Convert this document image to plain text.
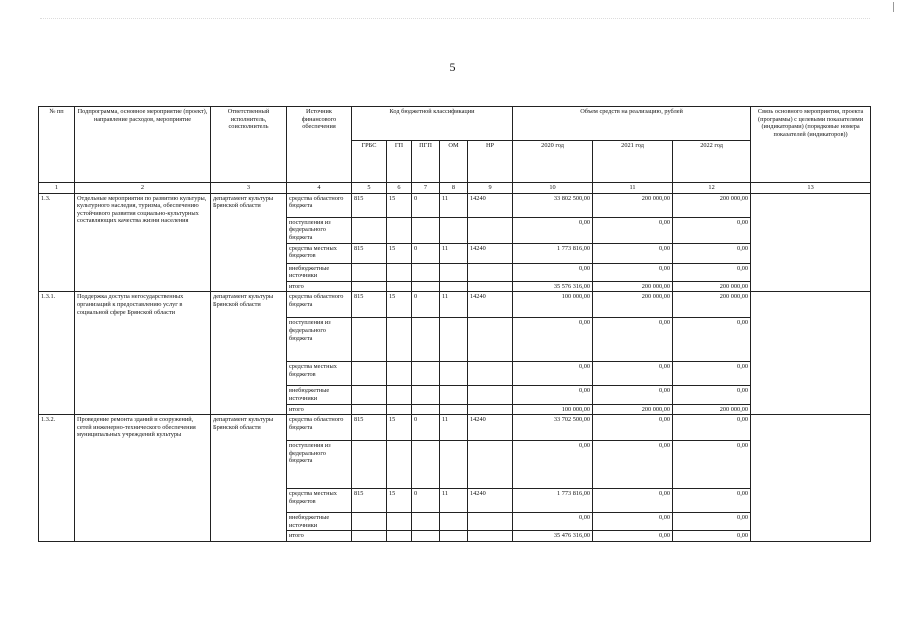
5
№ пп	Подпрограмма, основное мероприятие (проект), направление расходов, мероприятие	Ответственный исполнитель, соисполнитель	Источник финансового обеспечения	Код бюджетной классификации					Объем средств на реализацию, рублей			Связь основного мероприятия, проекта (программы) с целевыми показателями (индикаторами) (порядковые номера показателей (индикаторов))
				ГРБС	ГП	ПГП	ОМ	НР	2020 год	2021 год	2022 год	
1	2	3	4	5	6	7	8	9	10	11	12	13
1.3.	Отдельные мероприятия по развитию культуры, культурного наследия, туризма, обеспечению устойчивого развития социально-культурных составляющих качества жизни населения	департамент культуры Брянской области	средства областного бюджета	815	15	0	11	14240	33 802 500,00	200 000,00	200 000,00	
			поступления из федерального бюджета						0,00	0,00	0,00	
			средства местных бюджетов	815	15	0	11	14240	1 773 816,00	0,00	0,00	
			внебюджетные источники						0,00	0,00	0,00	
			итого						35 576 316,00	200 000,00	200 000,00	
1.3.1.	Поддержка доступа негосударственных организаций к предоставлению услуг в социальной сфере Брянской области	департамент культуры Брянской области	средства областного бюджета	815	15	0	11	14240	100 000,00	200 000,00	200 000,00	
			поступления из федерального бюджета						0,00	0,00	0,00	
			средства местных бюджетов						0,00	0,00	0,00	
			внебюджетные источники						0,00	0,00	0,00	
			итого						100 000,00	200 000,00	200 000,00	
1.3.2.	Проведение ремонта зданий и сооружений, сетей инженерно-технического обеспечения муниципальных учреждений культуры	департамент культуры Брянской области	средства областного бюджета	815	15	0	11	14240	33 702 500,00	0,00	0,00	
			поступления из федерального бюджета						0,00	0,00	0,00	
			средства местных бюджетов	815	15	0	11	14240	1 773 816,00	0,00	0,00	
			внебюджетные источники						0,00	0,00	0,00	
			итого						35 476 316,00	0,00	0,00	
